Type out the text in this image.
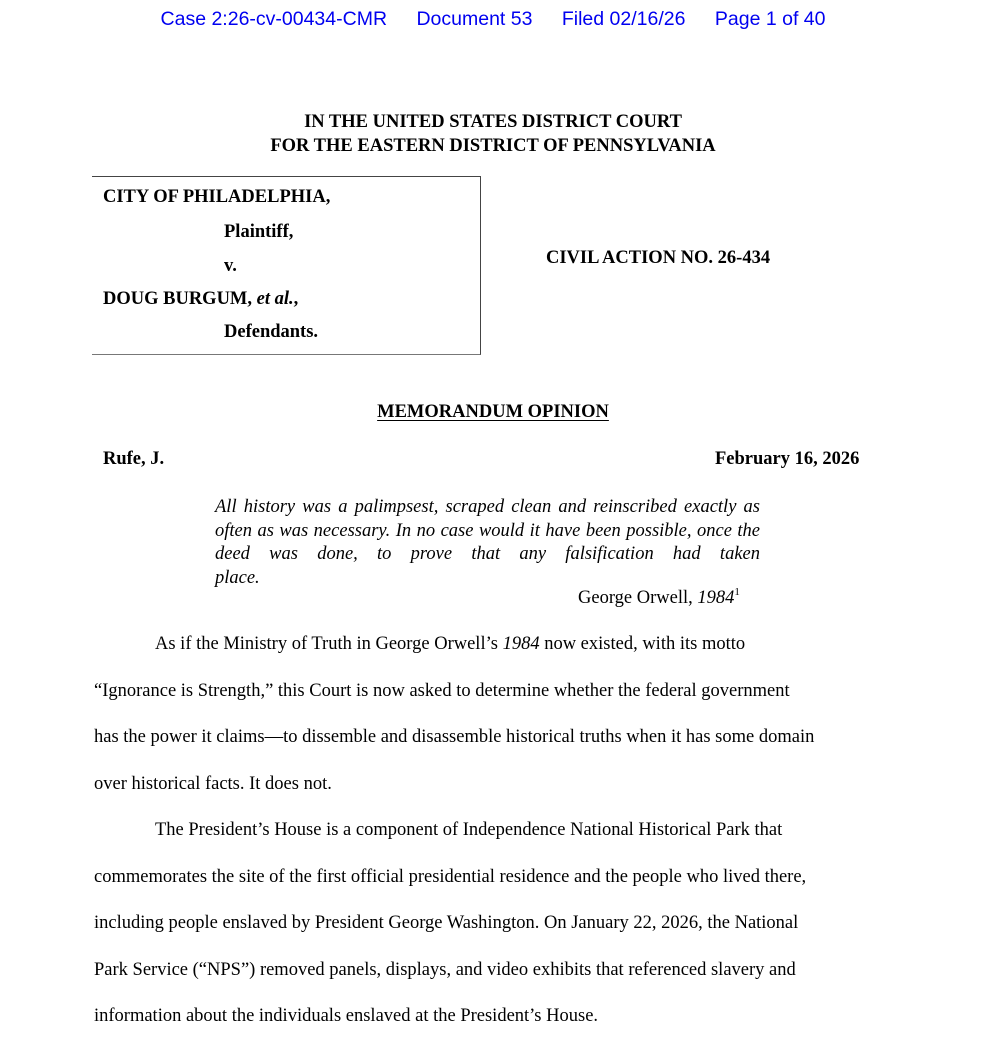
Case 2:26-cv-00434-CMR Document 53 Filed 02/16/26 Page 1 of 40
IN THE UNITED STATES DISTRICT COURT
FOR THE EASTERN DISTRICT OF PENNSYLVANIA
CITY OF PHILADELPHIA,
Plaintiff,
v.
DOUG BURGUM, et al.,
Defendants.
CIVIL ACTION NO. 26-434
MEMORANDUM OPINION
Rufe, J.	February 16, 2026
All history was a palimpsest, scraped clean and reinscribed exactly as often as was necessary. In no case would it have been possible, once the deed was done, to prove that any falsification had taken
place.
George Orwell, 1984$^1$
As if the Ministry of Truth in George Orwell’s 1984 now existed, with its motto
“Ignorance is Strength,” this Court is now asked to determine whether the federal government
has the power it claims—to dissemble and disassemble historical truths when it has some domain
over historical facts. It does not.
The President’s House is a component of Independence National Historical Park that
commemorates the site of the first official presidential residence and the people who lived there,
including people enslaved by President George Washington. On January 22, 2026, the National
Park Service (“NPS”) removed panels, displays, and video exhibits that referenced slavery and
information about the individuals enslaved at the President’s House.
